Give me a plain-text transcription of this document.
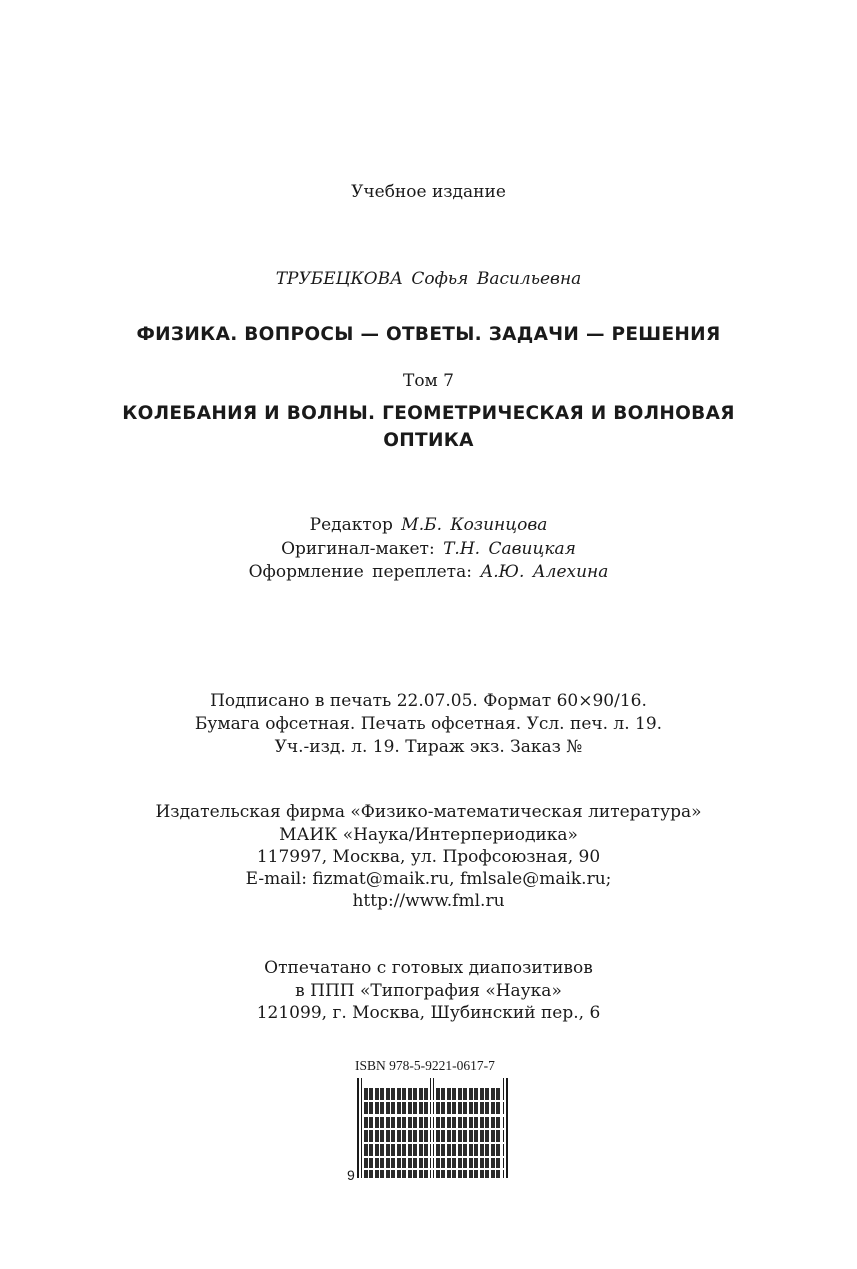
Учебное издание
ТРУБЕЦКОВА Софья Васильевна
ФИЗИКА. ВОПРОСЫ — ОТВЕТЫ. ЗАДАЧИ — РЕШЕНИЯ
Том 7
КОЛЕБАНИЯ И ВОЛНЫ. ГЕОМЕТРИЧЕСКАЯ И ВОЛНОВАЯ
ОПТИКА
Редактор М.Б. Козинцова
Оригинал-макет: Т.Н. Савицкая
Оформление переплета: А.Ю. Алехина
Подписано в печать 22.07.05. Формат 60×90/16.
Бумага офсетная. Печать офсетная. Усл. печ. л. 19.
Уч.-изд. л. 19. Тираж экз. Заказ №
Издательская фирма «Физико-математическая литература»
МАИК «Наука/Интерпериодика»
117997, Москва, ул. Профсоюзная, 90
E-mail: fizmat@maik.ru, fmlsale@maik.ru;
http://www.fml.ru
Отпечатано с готовых диапозитивов
в ППП «Типография «Наука»
121099, г. Москва, Шубинский пер., 6
ISBN 978-5-9221-0617-7
9
